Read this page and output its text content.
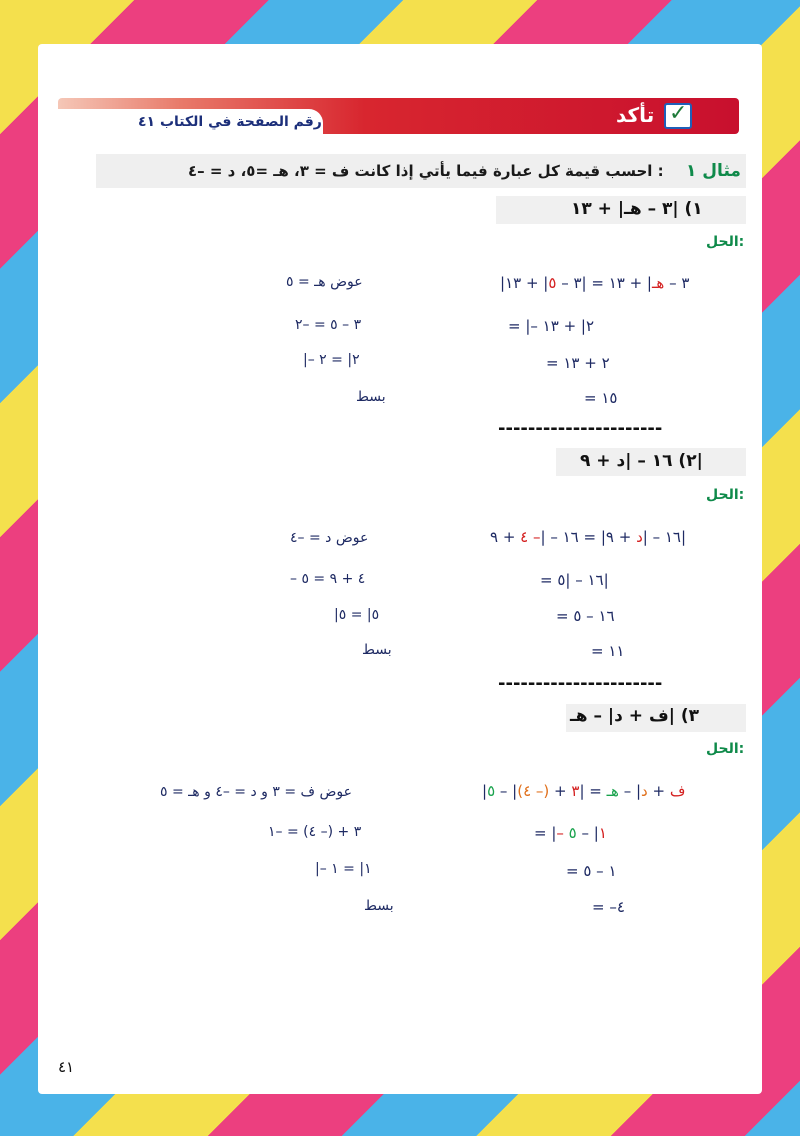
رقم الصفحة في الكتاب ٤١	تأكد ✓
مثال ١
احسب قيمة كل عبارة فيما يأتي إذا كانت ف = ٣، هـ =٥، د = –٤ :
١) |٣ – هـ| + ١٣
الحل:
|٣ – هـ| + ١٣ = |٣ – ٥| + ١٣
= |– ٢| + ١٣
= ٢ + ١٣
= ١٥
عوض هـ = ٥
٣ – ٥ = –٢
|– ٢| = ٢
بسط
----------------------
٢) ١٦ – |د + ٩|
الحل:
١٦ – |د + ٩| = ١٦ – |– ٤ + ٩|
= ١٦ – |٥|
= ١٦ – ٥
= ١١
عوض د = –٤
– ٤ + ٩ = ٥
|٥| = ٥
بسط
----------------------
٣) |ف + د| – هـ
الحل:
|	ف + د| – هـ = |٣ + (– ٤)| – ٥
= |– ١| – ٥
= ١ – ٥
= –٤
عوض ف = ٣ و د = –٤ و هـ = ٥
٣ + (– ٤) = –١
|– ١| = ١
بسط
٤١
